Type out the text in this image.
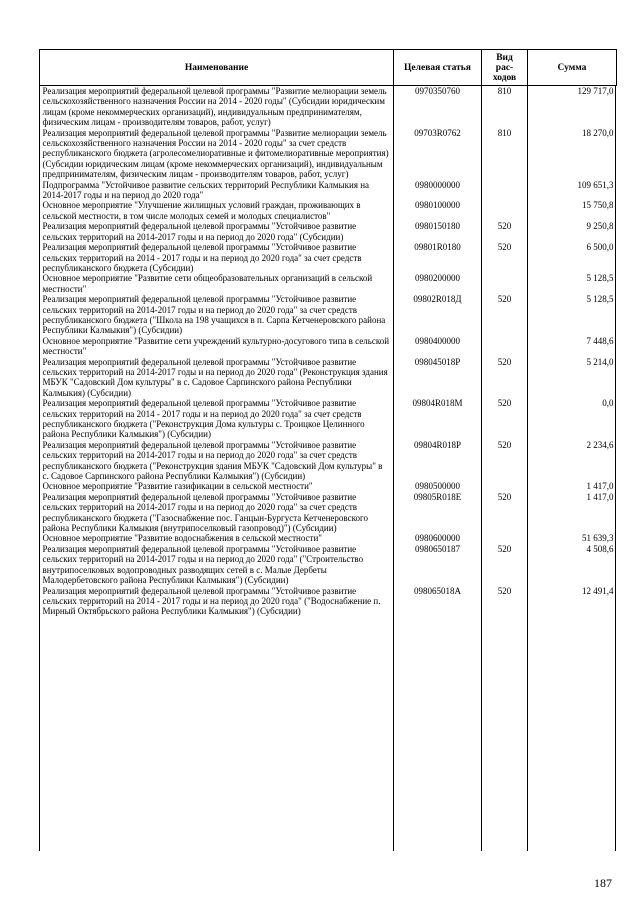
Наименование	Целевая статья	Вид рас- ходов	Сумма
Реализация мероприятий федеральной целевой программы "Развитие мелиорации земель сельскохозяйственного назначения России на 2014 - 2020 годы" (Субсидии юридическим лицам (кроме некоммерческих организаций), индивидуальным предпринимателям, физическим лицам - производителям товаров, работ, услуг)	0970350760	810	129 717,0
Реализация мероприятий федеральной целевой программы "Развитие мелиорации земель сельскохозяйственного назначения России на 2014 - 2020 годы" за счет средств республиканского бюджета (агролесомелиоративные и фитомелиоративные мероприятия) (Субсидии юридическим лицам (кроме некоммерческих организаций), индивидуальным предпринимателям, физическим лицам - производителям товаров, работ, услуг)	09703R0762	810	18 270,0
Подпрограмма "Устойчивое развитие сельских территорий Республики Калмыкия на 2014-2017 годы и на период до 2020 года"	0980000000		109 651,3
Основное мероприятие "Улучшение жилищных условий граждан, проживающих в сельской местности, в том числе молодых семей и молодых специалистов"	0980100000		15 750,8
Реализация мероприятий федеральной целевой программы "Устойчивое развитие сельских территорий на 2014-2017 годы и на период до 2020 года" (Субсидии)	0980150180	520	9 250,8
Реализация мероприятий федеральной целевой программы "Устойчивое развитие сельских территорий на 2014 - 2017 годы и на период до 2020 года" за счет средств республиканского бюджета (Субсидии)	09801R0180	520	6 500,0
Основное мероприятие "Развитие сети общеобразовательных организаций в сельской местности"	0980200000		5 128,5
Реализация мероприятий федеральной целевой программы "Устойчивое развитие сельских территорий на 2014-2017 годы и на период до 2020 года" за счет средств республиканского бюджета ("Школа на 198 учащихся в п. Сарпа Кетченеровского района Республики Калмыкия") (Субсидии)	09802R018Д	520	5 128,5
Основное мероприятие "Развитие сети учреждений культурно-досугового типа в сельской местности"	0980400000		7 448,6
Реализация мероприятий федеральной целевой программы "Устойчивое развитие сельских территорий на 2014-2017 годы и на период до 2020 года" (Реконструкция здания МБУК "Садовский Дом культуры" в с. Садовое Сарпинского района Республики Калмыкия) (Субсидии)	098045018Р	520	5 214,0
Реализация мероприятий федеральной целевой программы "Устойчивое развитие сельских территорий на 2014 - 2017 годы и на период до 2020 года" за счет средств республиканского бюджета ("Реконструкция Дома культуры с. Троицкое Целинного района Республики Калмыкия") (Субсидии)	09804R018М	520	0,0
Реализация мероприятий федеральной целевой программы "Устойчивое развитие сельских территорий на 2014-2017 годы и на период до 2020 года" за счет средств республиканского бюджета ("Реконструкция здания МБУК "Садовский Дом культуры" в с. Садовое Сарпинского района Республики Калмыкия") (Субсидии)	09804R018Р	520	2 234,6
Основное мероприятие "Развитие газификации в сельской местности"	0980500000		1 417,0
Реализация мероприятий федеральной целевой программы "Устойчивое развитие сельских территорий на 2014-2017 годы и на период до 2020 года" за счет средств республиканского бюджета ("Газоснабжение пос. Ганцын-Бургуста Кетченеровского района Республики Калмыкия (внутрипоселковый газопровод)") (Субсидии)	09805R018Е	520	1 417,0
Основное мероприятие "Развитие водоснабжения в сельской местности"	0980600000		51 639,3
Реализация мероприятий федеральной целевой программы "Устойчивое развитие сельских территорий на 2014-2017 годы и на период до 2020 года" ("Строительство внутрипоселковых водопроводных разводящих сетей в с. Малые Дербеты Малодербетовского района Республики Калмыкия") (Субсидии)	0980650187	520	4 508,6
Реализация мероприятий федеральной целевой программы "Устойчивое развитие сельских территорий на 2014 - 2017 годы и на период до 2020 года" ("Водоснабжение п. Мирный Октябрьского района Республики Калмыкия") (Субсидии)	098065018А	520	12 491,4
187
